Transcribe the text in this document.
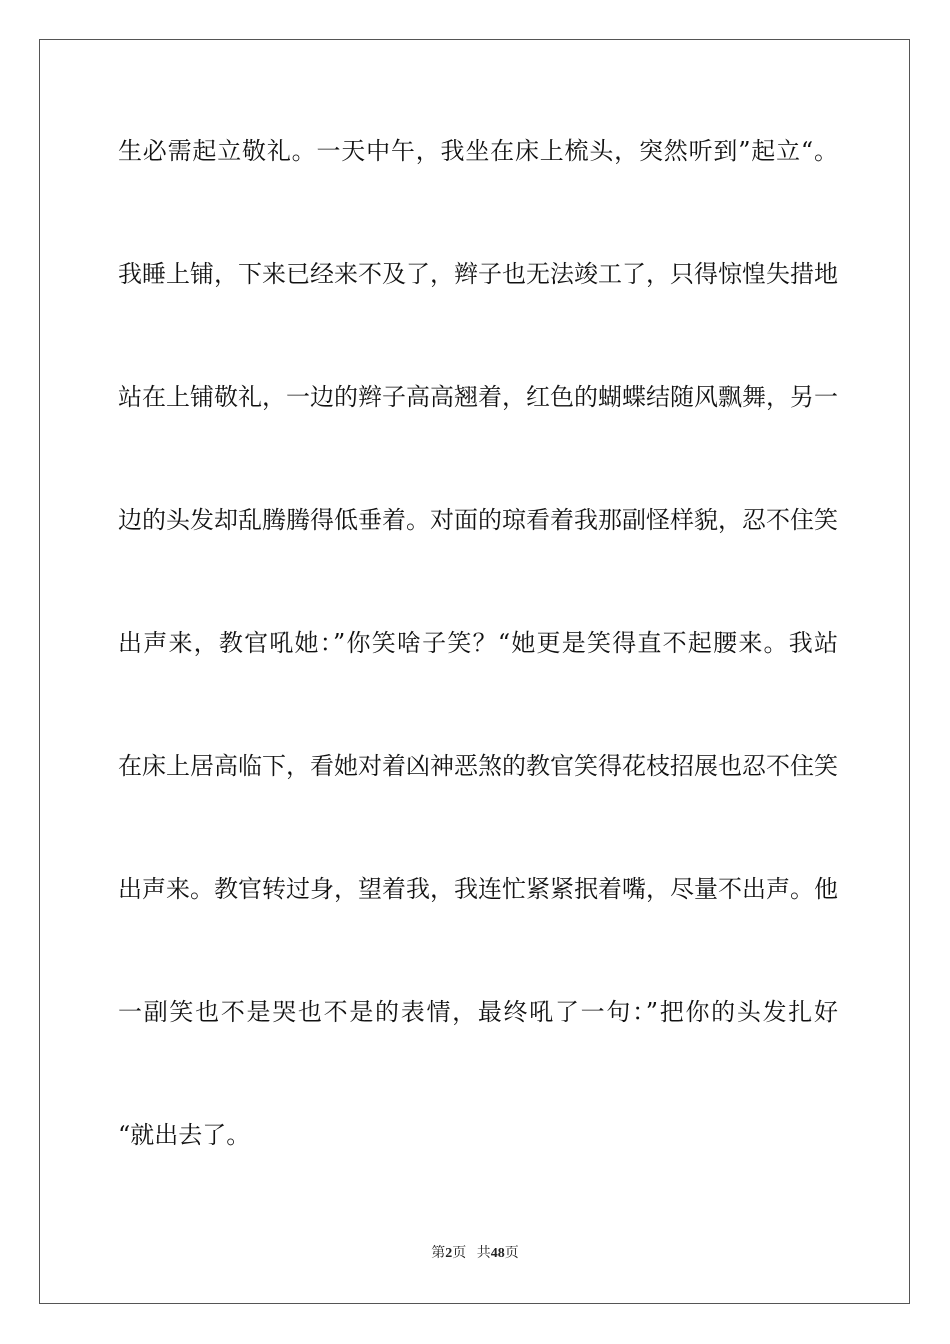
生必需起立敬礼。一天中午，我坐在床上梳头，突然听到”起立“。

我睡上铺，下来已经来不及了，辫子也无法竣工了，只得惊惶失措地

站在上铺敬礼，一边的辫子高高翘着，红色的蝴蝶结随风飘舞，另一

边的头发却乱腾腾得低垂着。对面的琼看着我那副怪样貌，忍不住笑

出声来，教官吼她：”你笑啥子笑？“她更是笑得直不起腰来。我站

在床上居高临下，看她对着凶神恶煞的教官笑得花枝招展也忍不住笑

出声来。教官转过身，望着我，我连忙紧紧抿着嘴，尽量不出声。他

一副笑也不是哭也不是的表情，最终吼了一句：”把你的头发扎好

“就出去了。

第2页 共48页
